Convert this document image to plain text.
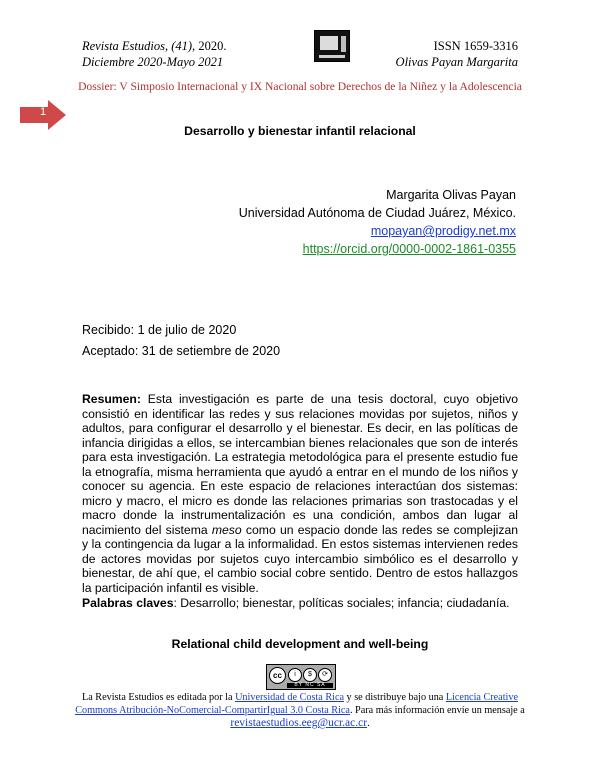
Revista Estudios, (41), 2020.
Diciembre 2020-Mayo 2021
ISSN 1659-3316
Olivas Payan Margarita
Dossier: V Simposio Internacional y IX Nacional sobre Derechos de la Niñez y la Adolescencia
1
Desarrollo y bienestar infantil relacional
Margarita Olivas Payan
Universidad Autónoma de Ciudad Juárez, México.
mopayan@prodigy.net.mx
https://orcid.org/0000-0002-1861-0355
Recibido: 1 de julio de 2020
Aceptado: 31 de setiembre de 2020
Resumen: Esta investigación es parte de una tesis doctoral, cuyo objetivo consistió en identificar las redes y sus relaciones movidas por sujetos, niños y adultos, para configurar el desarrollo y el bienestar. Es decir, en las políticas de infancia dirigidas a ellos, se intercambian bienes relacionales que son de interés para esta investigación. La estrategia metodológica para el presente estudio fue la etnografía, misma herramienta que ayudó a entrar en el mundo de los niños y conocer su agencia. En este espacio de relaciones interactúan dos sistemas: micro y macro, el micro es donde las relaciones primarias son trastocadas y el macro donde la instrumentalización es una condición, ambos dan lugar al nacimiento del sistema meso como un espacio donde las redes se complejizan y la contingencia da lugar a la informalidad. En estos sistemas intervienen redes de actores movidas por sujetos cuyo intercambio simbólico es el desarrollo y bienestar, de ahí que, el cambio social cobre sentido. Dentro de estos hallazgos la participación infantil es visible.
Palabras claves: Desarrollo; bienestar, políticas sociales; infancia; ciudadanía.
Relational child development and well-being
cc	i	$	⟳
BY NC SA
La Revista Estudios es editada por la Universidad de Costa Rica y se distribuye bajo una Licencia Creative Commons Atribución-NoComercial-CompartirIgual 3.0 Costa Rica. Para más información envíe un mensaje a
revistaestudios.eeg@ucr.ac.cr.
